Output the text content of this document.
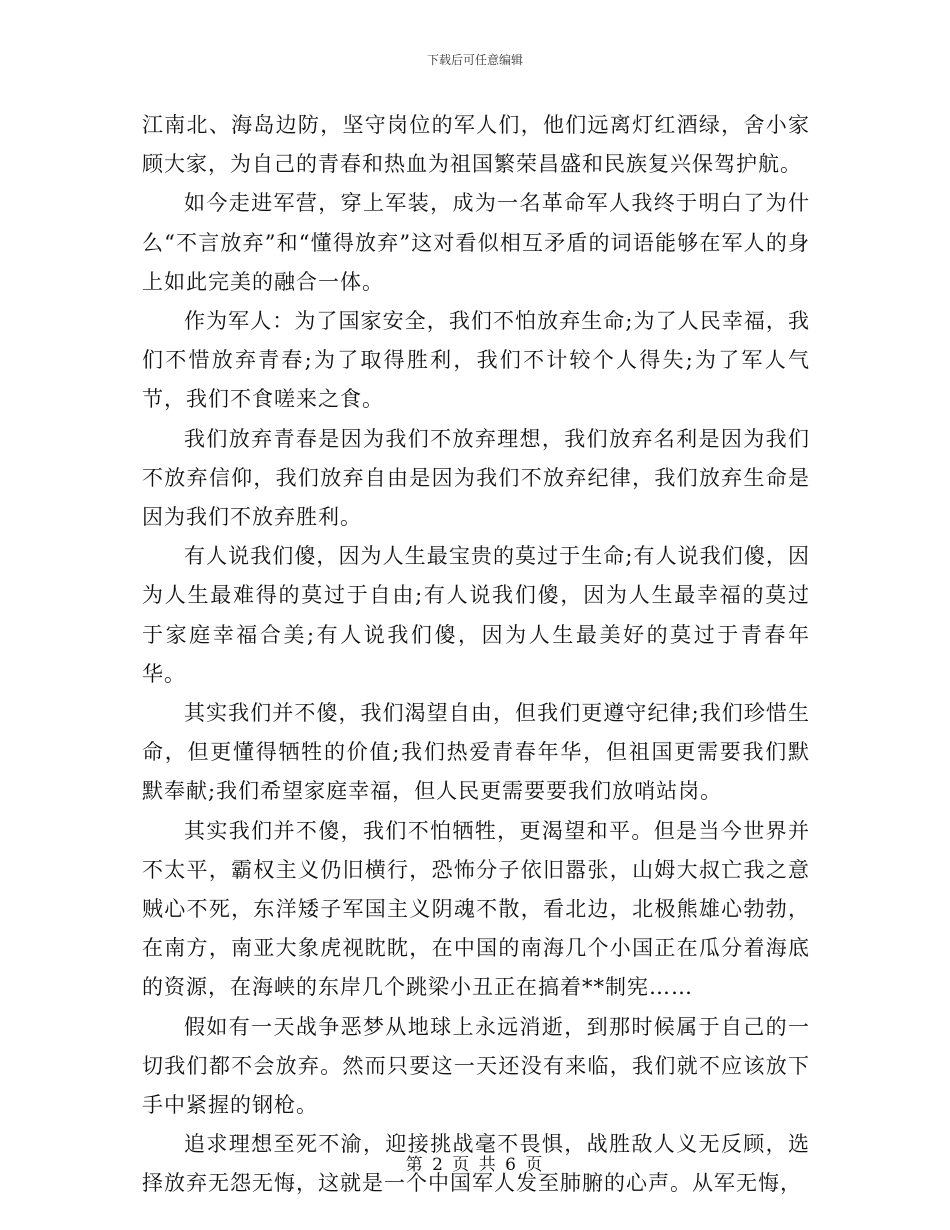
下载后可任意编辑

江南北、海岛边防，坚守岗位的军人们，他们远离灯红酒绿，舍小家顾大家，为自己的青春和热血为祖国繁荣昌盛和民族复兴保驾护航。

如今走进军营，穿上军装，成为一名革命军人我终于明白了为什么“不言放弃”和“懂得放弃”这对看似相互矛盾的词语能够在军人的身上如此完美的融合一体。

作为军人：为了国家安全，我们不怕放弃生命;为了人民幸福，我们不惜放弃青春;为了取得胜利，我们不计较个人得失;为了军人气节，我们不食嗟来之食。

我们放弃青春是因为我们不放弃理想，我们放弃名利是因为我们不放弃信仰，我们放弃自由是因为我们不放弃纪律，我们放弃生命是因为我们不放弃胜利。

有人说我们傻，因为人生最宝贵的莫过于生命;有人说我们傻，因为人生最难得的莫过于自由;有人说我们傻，因为人生最幸福的莫过于家庭幸福合美;有人说我们傻，因为人生最美好的莫过于青春年华。

其实我们并不傻，我们渴望自由，但我们更遵守纪律;我们珍惜生命，但更懂得牺牲的价值;我们热爱青春年华，但祖国更需要我们默默奉献;我们希望家庭幸福，但人民更需要要我们放哨站岗。

其实我们并不傻，我们不怕牺牲，更渴望和平。但是当今世界并不太平，霸权主义仍旧横行，恐怖分子依旧嚣张，山姆大叔亡我之意贼心不死，东洋矮子军国主义阴魂不散，看北边，北极熊雄心勃勃，在南方，南亚大象虎视眈眈，在中国的南海几个小国正在瓜分着海底的资源，在海峡的东岸几个跳梁小丑正在搞着**制宪……

假如有一天战争恶梦从地球上永远消逝，到那时候属于自己的一切我们都不会放弃。然而只要这一天还没有来临，我们就不应该放下手中紧握的钢枪。

追求理想至死不渝，迎接挑战毫不畏惧，战胜敌人义无反顾，选择放弃无怨无悔，这就是一个中国军人发至肺腑的心声。从军无悔，

第 2 页 共 6 页
